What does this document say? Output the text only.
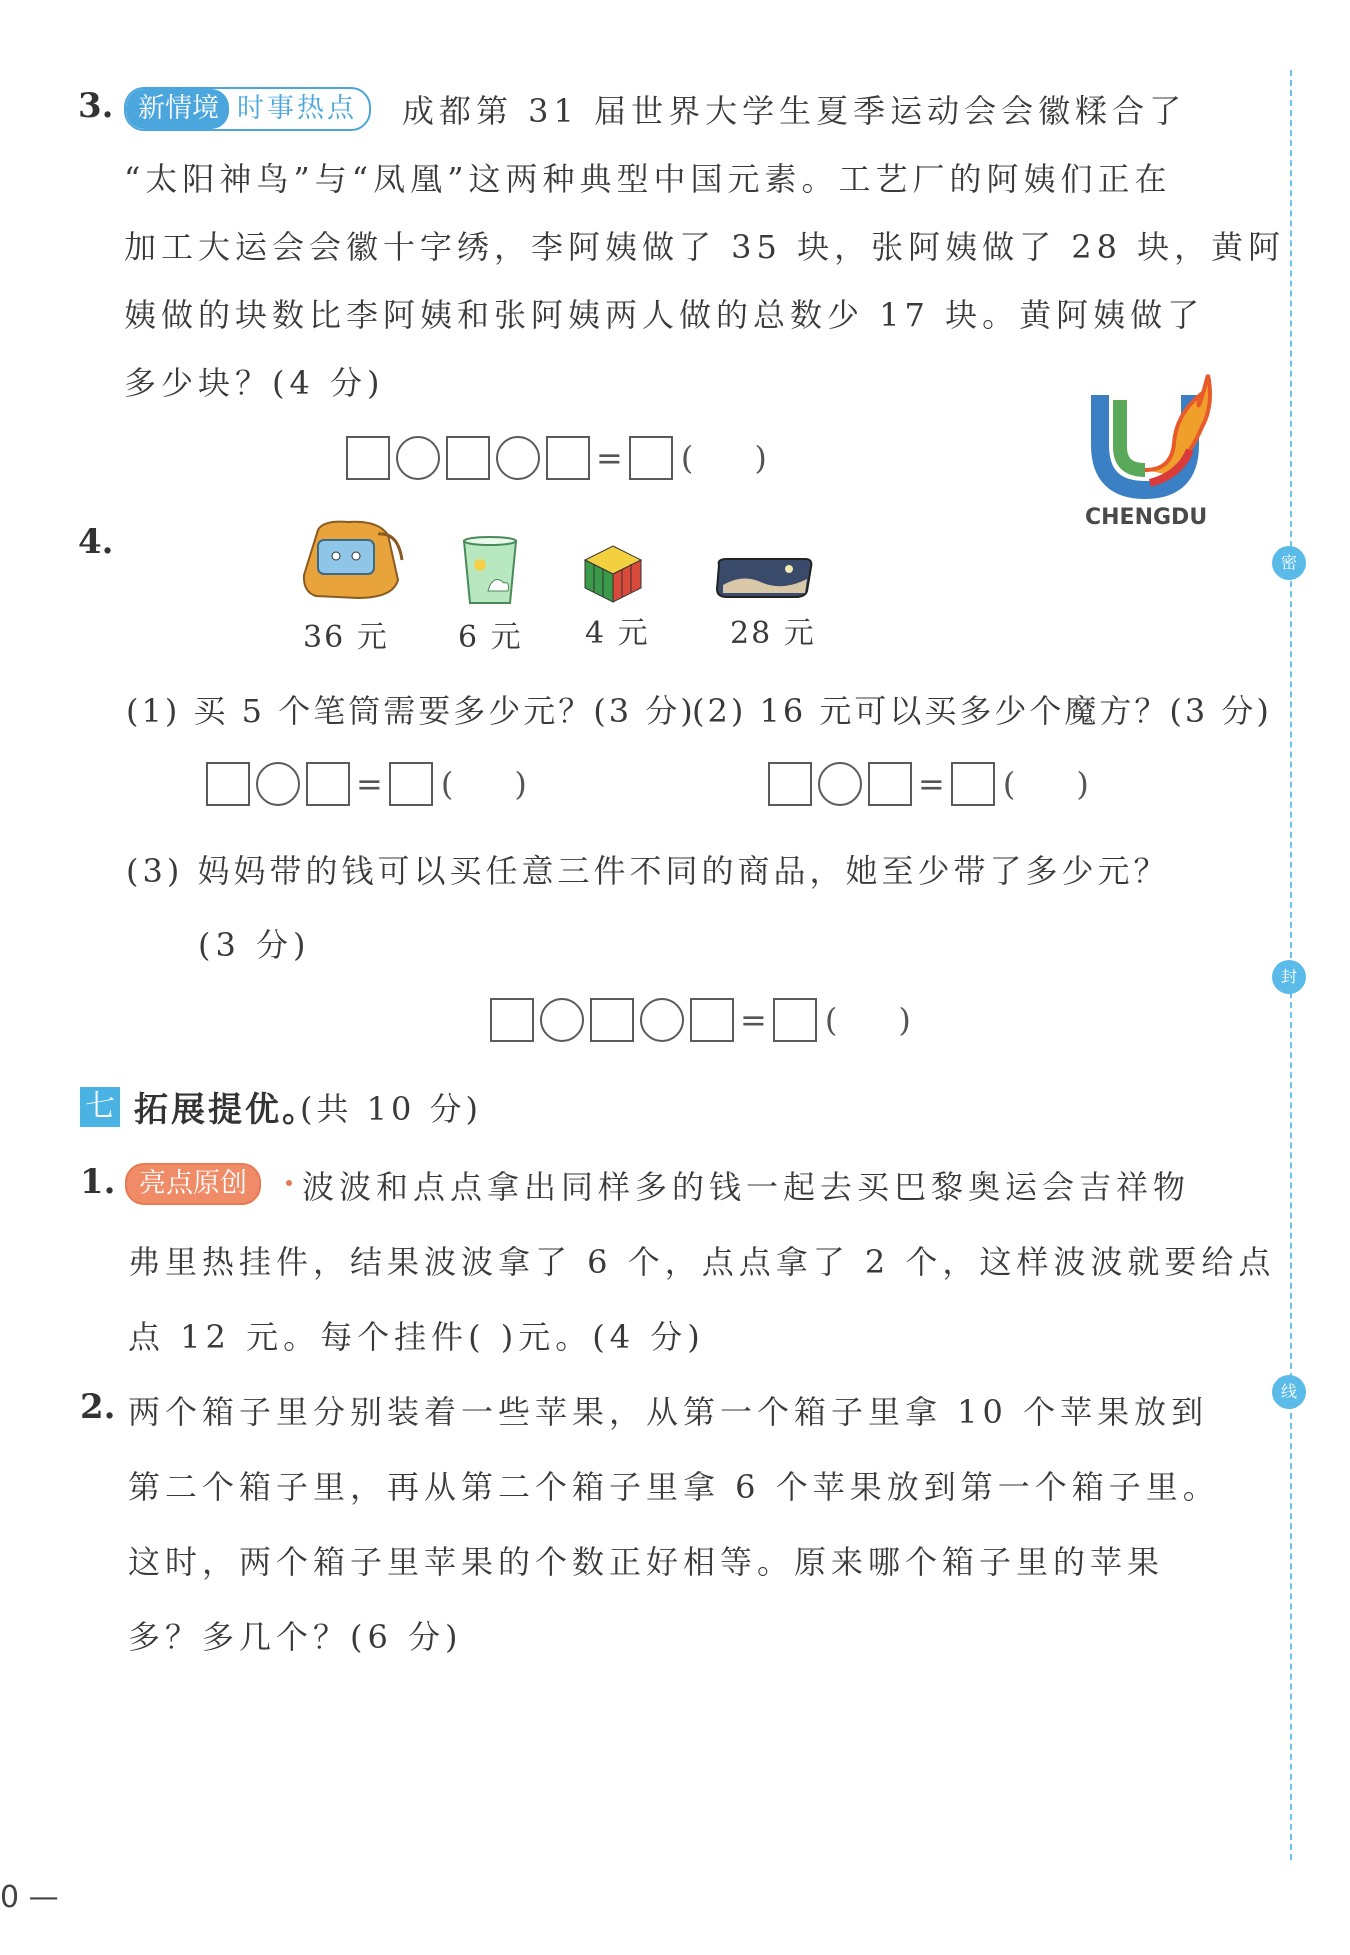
3. 新情境 时事热点	成都第 31 届世界大学生夏季运动会会徽糅合了
“太阳神鸟”与“凤凰”这两种典型中国元素。工艺厂的阿姨们正在
加工大运会会徽十字绣，李阿姨做了 35 块，张阿姨做了 28 块，黄阿
姨做的块数比李阿姨和张阿姨两人做的总数少 17 块。黄阿姨做了
多少块？(4 分)
= (      )
CHENGDU
4.
36 元 6 元 4 元	28 元
(1) 买 5 个笔筒需要多少元？(3 分)
(2) 16 元可以买多少个魔方？(3 分)
= (      )	= (      )
(3) 妈妈带的钱可以买任意三件不同的商品，她至少带了多少元？
(3 分)
= (      )
七 拓展提优。
(共 10 分)
1. 亮点原创	波波和点点拿出同样多的钱一起去买巴黎奥运会吉祥物
弗里热挂件，结果波波拿了 6 个，点点拿了 2 个，这样波波就要给点
点 12 元。每个挂件( )元。(4 分)
2. 两个箱子里分别装着一些苹果，从第一个箱子里拿 10 个苹果放到
第二个箱子里，再从第二个箱子里拿 6 个苹果放到第一个箱子里。
这时，两个箱子里苹果的个数正好相等。原来哪个箱子里的苹果
多？多几个？(6 分)
密
封
线
0 —
